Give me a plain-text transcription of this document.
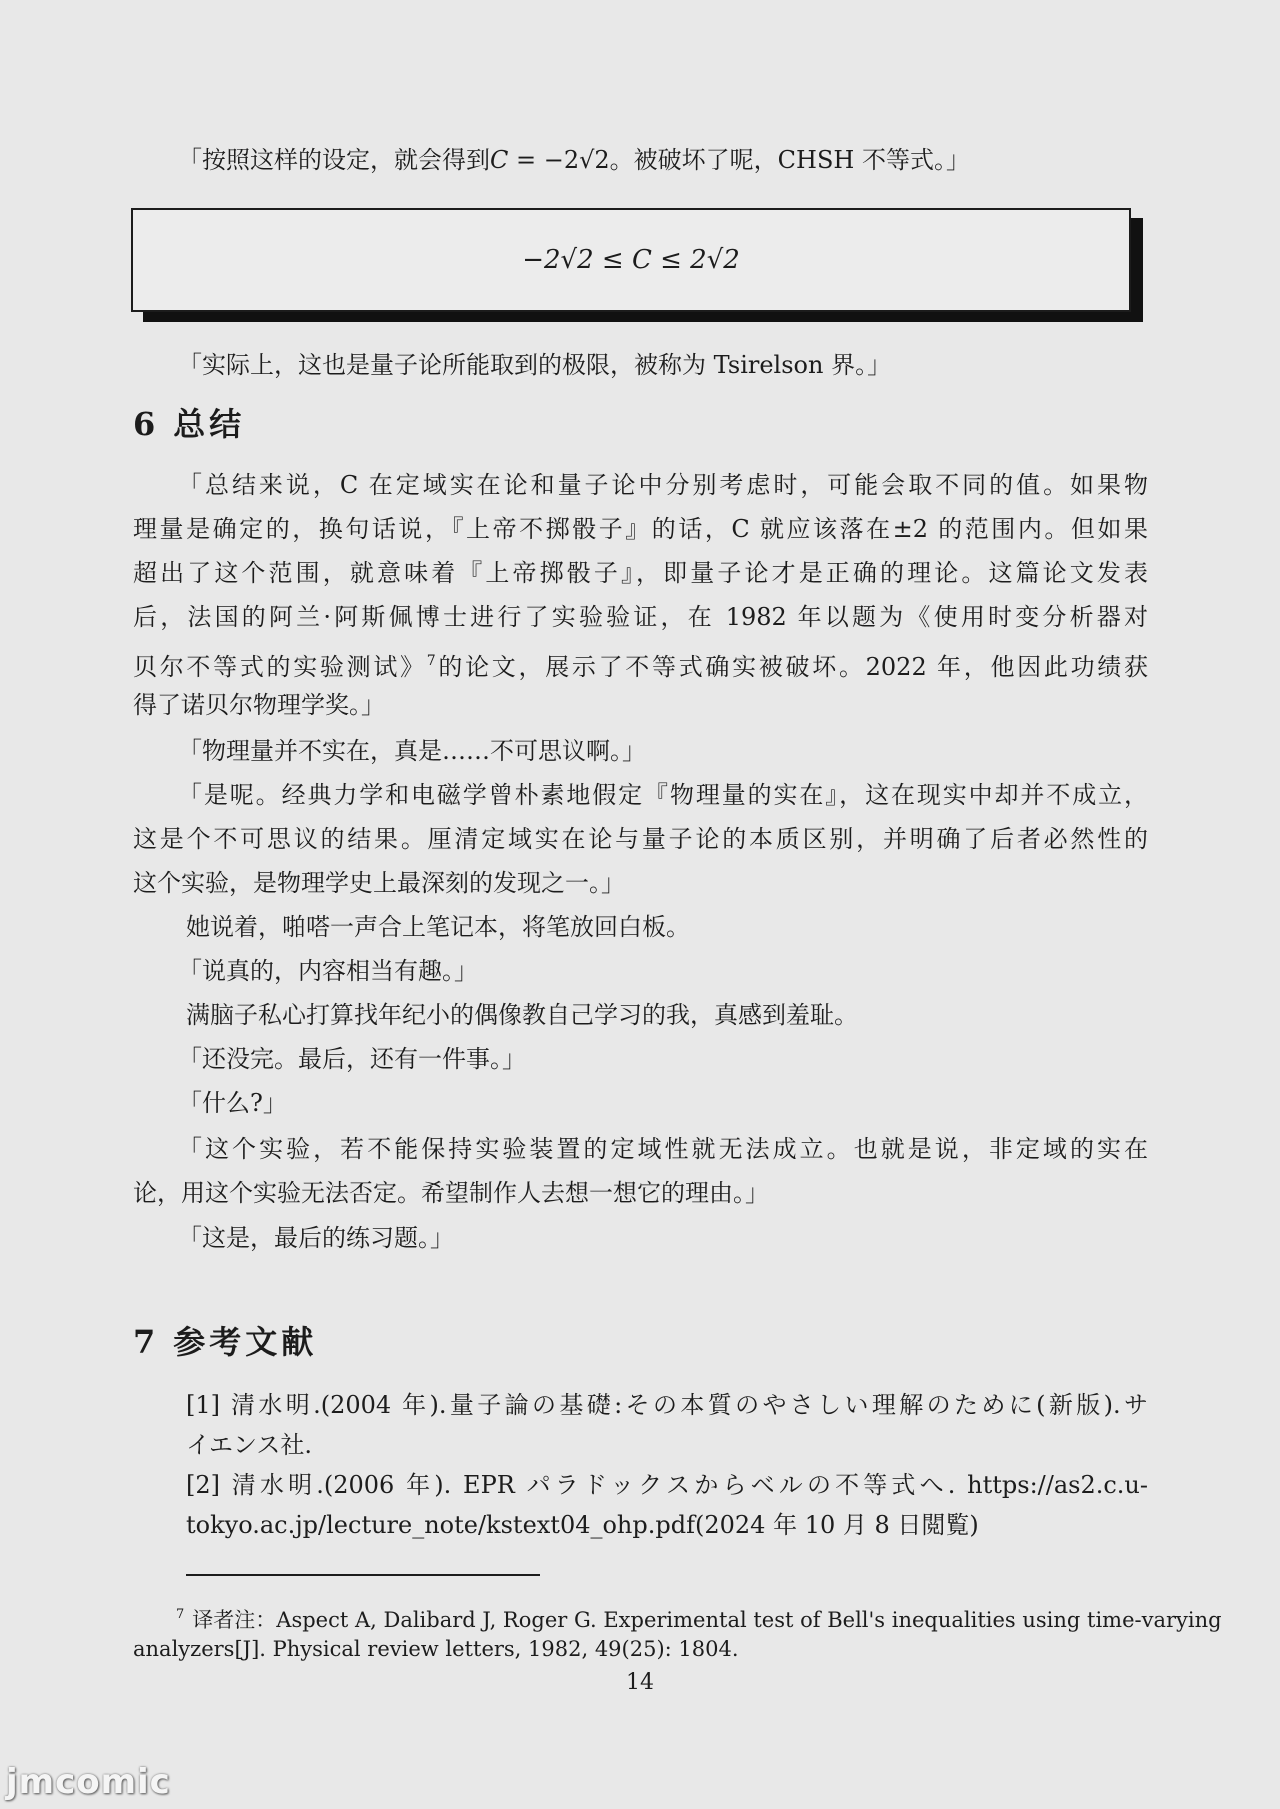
「按照这样的设定，就会得到𝐶 = −2√2。被破坏了呢，CHSH 不等式。」
−2√2 ≤ 𝐶 ≤ 2√2
「实际上，这也是量子论所能取到的极限，被称为 Tsirelson 界。」
6 总结
「总结来说，C 在定域实在论和量子论中分别考虑时，可能会取不同的值。如果物
理量是确定的，换句话说，『上帝不掷骰子』的话，C 就应该落在±2 的范围内。但如果
超出了这个范围，就意味着『上帝掷骰子』，即量子论才是正确的理论。这篇论文发表
后，法国的阿兰·阿斯佩博士进行了实验验证，在 1982 年以题为《使用时变分析器对
贝尔不等式的实验测试》$^7$的论文，展示了不等式确实被破坏。2022 年，他因此功绩获
得了诺贝尔物理学奖。」
「物理量并不实在，真是……不可思议啊。」
「是呢。经典力学和电磁学曾朴素地假定『物理量的实在』，这在现实中却并不成立，
这是个不可思议的结果。厘清定域实在论与量子论的本质区别，并明确了后者必然性的
这个实验，是物理学史上最深刻的发现之一。」
她说着，啪嗒一声合上笔记本，将笔放回白板。
「说真的，内容相当有趣。」
满脑子私心打算找年纪小的偶像教自己学习的我，真感到羞耻。
「还没完。最后，还有一件事。」
「什么?」
「这个实验，若不能保持实验装置的定域性就无法成立。也就是说，非定域的实在
论，用这个实验无法否定。希望制作人去想一想它的理由。」
「这是，最后的练习题。」
7 参考文献
[1] 清水明.(2004 年).量子論の基礎:その本質のやさしい理解のために(新版).サ
イエンス社.
[2] 清水明.(2006 年). EPR パラドックスからベルの不等式へ. https://as2.c.u-
tokyo.ac.jp/lecture_note/kstext04_ohp.pdf(2024 年 10 月 8 日閲覧)
$^7$ 译者注：Aspect A, Dalibard J, Roger G. Experimental test of Bell's inequalities using time-varying
analyzers[J]. Physical review letters, 1982, 49(25): 1804.
14
jmcomic
